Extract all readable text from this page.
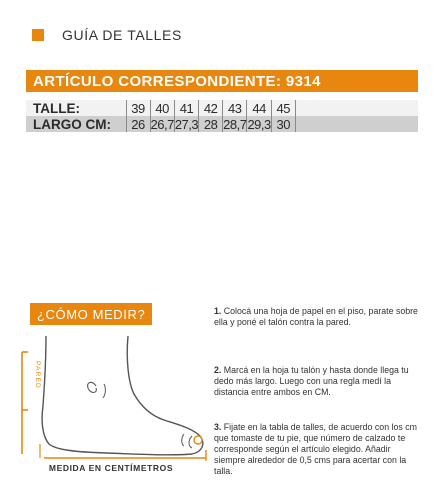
GUÍA DE TALLES
ARTÍCULO CORRESPONDIENTE: 9314
TALLE:	39	40	41	42	43	44	45	
LARGO CM:	26	26,7	27,3	28	28,7	29,3	30	
¿CÓMO MEDIR?
PARED
MEDIDA EN CENTÍMETROS

1. Colocá una hoja de papel en el piso, parate sobre ella y poné el talón contra la pared.

2. Marcá en la hoja tu talón y hasta donde llega tu dedo más largo. Luego con una regla medí la distancia entre ambos en CM.

3. Fijate en la tabla de talles, de acuerdo con los cm que tomaste de tu pie, que número de calzado te corresponde según el artículo elegido. Añadir siempre alrededor de 0,5 cms para acertar con la talla.
